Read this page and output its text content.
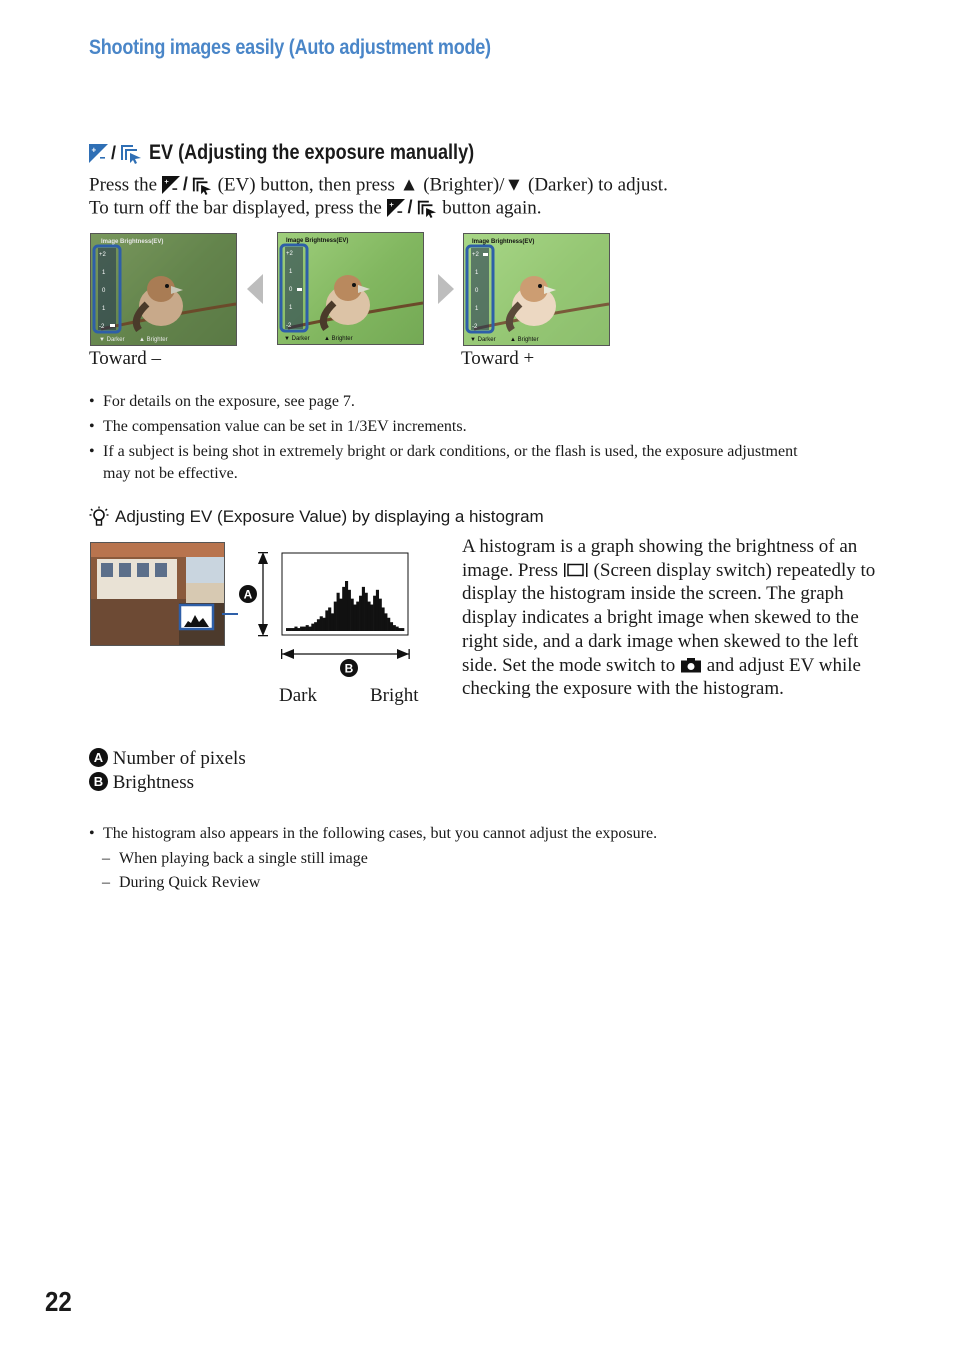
Shooting images easily (Auto adjustment mode)
+ / EV (Adjusting the exposure manually)
Press the + / (EV) button, then press ▲ (Brighter)/▼ (Darker) to adjust.
To turn off the bar displayed, press the + / button again.
+2
1
0
1
-2
Image Brightness(EV)
▼ Darker ▲ Brighter
+2
1
0
1
-2
Image Brightness(EV)
▼ Darker ▲ Brighter
+2
1
0
1
-2
Image Brightness(EV)
▼ Darker ▲ Brighter
Toward –	Toward +
• For details on the exposure, see page 7.
• The compensation value can be set in 1/3EV increments.
• If a subject is being shot in extremely bright or dark conditions, or the flash is used, the exposure adjustment may not be effective.
Adjusting EV (Exposure Value) by displaying a histogram
A
B
Dark	Bright
A histogram is a graph showing the brightness of an image. Press (Screen display switch) repeatedly to display the histogram inside the screen. The graph display indicates a bright image when skewed to the right side, and a dark image when skewed to the left side. Set the mode switch to and adjust EV while checking the exposure with the histogram.
A Number of pixels
B Brightness
• The histogram also appears in the following cases, but you cannot adjust the exposure.
– When playing back a single still image
– During Quick Review
22
